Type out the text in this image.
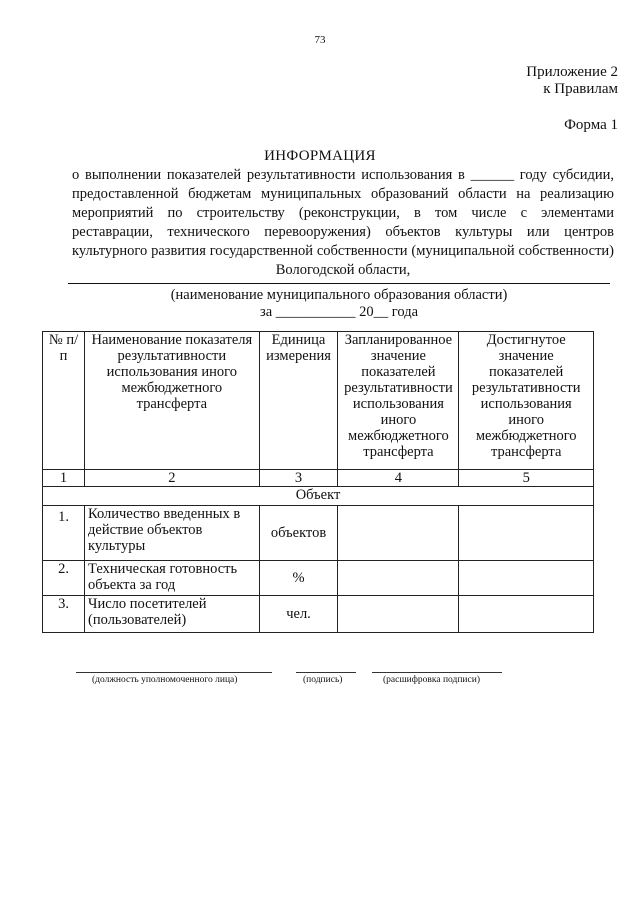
73
Приложение 2
к Правилам
Форма 1
ИНФОРМАЦИЯ
о выполнении показателей результативности использования в ______ году субсидии, предоставленной бюджетам муниципальных образований области на реализацию мероприятий по строительству (реконструкции, в том числе с элементами реставрации, технического перевооружения) объектов культуры или центров культурного развития государственной собственности (муниципальной собственности) Вологодской области,
(наименование муниципального образования области)
за ___________ 20__ года
№ п/п	Наименование показателя результативности использования иного межбюджетного трансферта	Единица измерения	Запланированное значение показателей результативности использования иного межбюджетного трансферта	Достигнутое значение показателей результативности использования иного межбюджетного трансферта
1	2	3	4	5
Объект				
1.	Количество введенных в действие объектов культуры	объектов		
2.	Техническая готовность объекта за год	%		
3.	Число посетителей (пользователей)	чел.		
(должность уполномоченного лица)	(подпись)	(расшифровка подписи)
